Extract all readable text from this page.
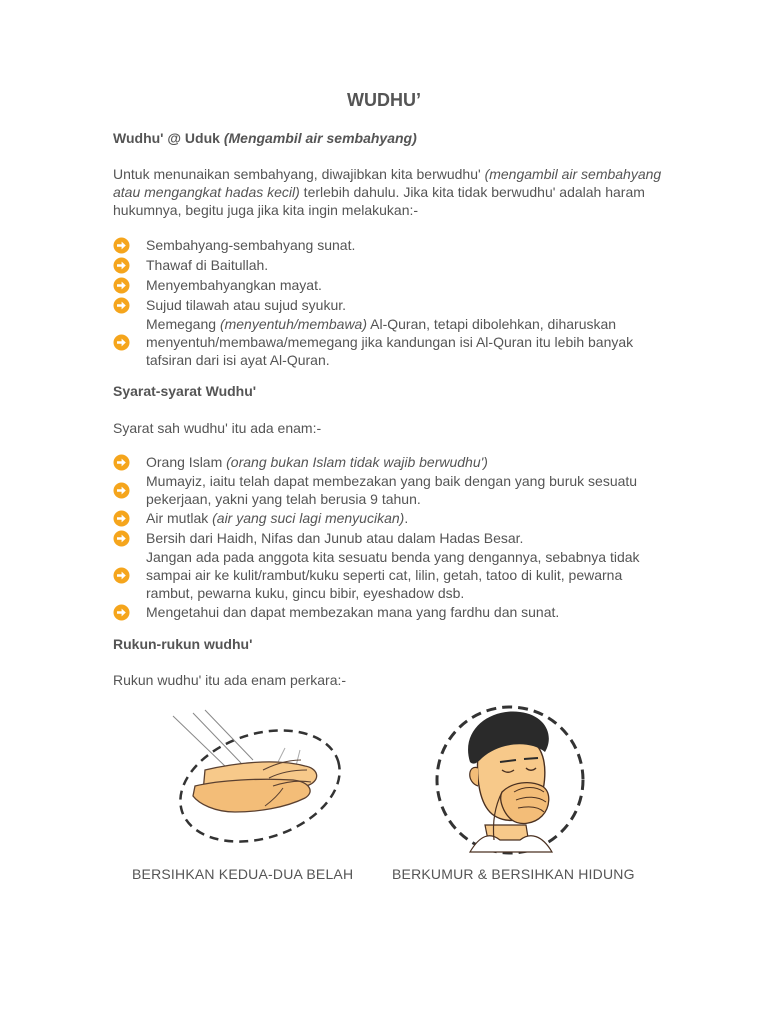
WUDHU’
Wudhu' @ Uduk (Mengambil air sembahyang)
Untuk menunaikan sembahyang, diwajibkan kita berwudhu' (mengambil air sembahyang atau mengangkat hadas kecil) terlebih dahulu. Jika kita tidak berwudhu' adalah haram hukumnya, begitu juga jika kita ingin melakukan:-
Sembahyang-sembahyang sunat.
Thawaf di Baitullah.
Menyembahyangkan mayat.
Sujud tilawah atau sujud syukur.
Memegang (menyentuh/membawa) Al-Quran, tetapi dibolehkan, diharuskan menyentuh/membawa/memegang jika kandungan isi Al-Quran itu lebih banyak tafsiran dari isi ayat Al-Quran.
Syarat-syarat Wudhu'
Syarat sah wudhu' itu ada enam:-
Orang Islam (orang bukan Islam tidak wajib berwudhu')
Mumayiz, iaitu telah dapat membezakan yang baik dengan yang buruk sesuatu pekerjaan, yakni yang telah berusia 9 tahun.
Air mutlak (air yang suci lagi menyucikan).
Bersih dari Haidh, Nifas dan Junub atau dalam Hadas Besar.
Jangan ada pada anggota kita sesuatu benda yang dengannya, sebabnya tidak sampai air ke kulit/rambut/kuku seperti cat, lilin, getah, tatoo di kulit, pewarna rambut, pewarna kuku, gincu bibir, eyeshadow dsb.
Mengetahui dan dapat membezakan mana yang fardhu dan sunat.
Rukun-rukun wudhu'
Rukun wudhu' itu ada enam perkara:-
BERSIHKAN KEDUA-DUA BELAH	BERKUMUR & BERSIHKAN HIDUNG
